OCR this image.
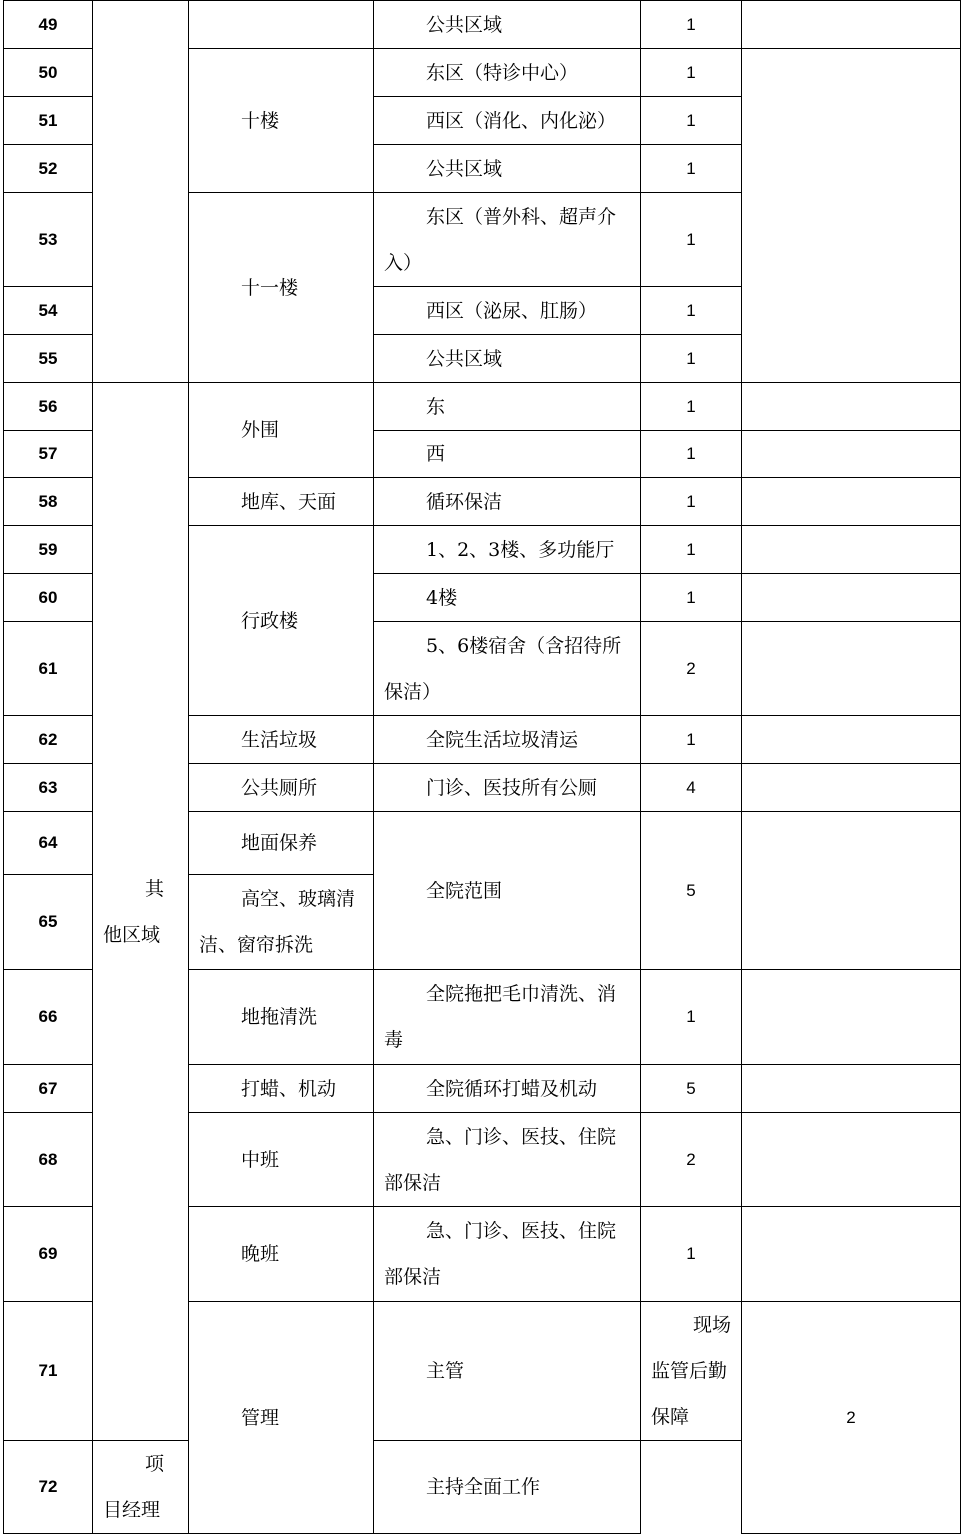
49			公共区域	1		
50		十楼	东区（特诊中心）	1		
51			西区（消化、内化泌）	1		
52			公共区域	1		
53		十一楼	东区（普外科、超声介入）	1		
54			西区（泌尿、肛肠）	1		
55			公共区域	1		
56	其他区域	外围	东	1		
57			西	1		
58		地库、天面	循环保洁	1		
59		行政楼	1、2、3楼、多功能厅	1		
60			4楼	1		
61			5、6楼宿舍（含招待所保洁）	2		
62		生活垃圾	全院生活垃圾清运	1		
63		公共厕所	门诊、医技所有公厕	4		
64		地面保养	全院范围	5		
65		高空、玻璃清洁、窗帘拆洗				
66		地拖清洗	全院拖把毛巾清洗、消毒	1		
67		打蜡、机动	全院循环打蜡及机动	5		
68		中班	急、门诊、医技、住院部保洁	2		
69		晚班	急、门诊、医技、住院部保洁	1		
71		管理	主管	现场监管后勤保障	2	
72	项目经理		主持全面工作			
